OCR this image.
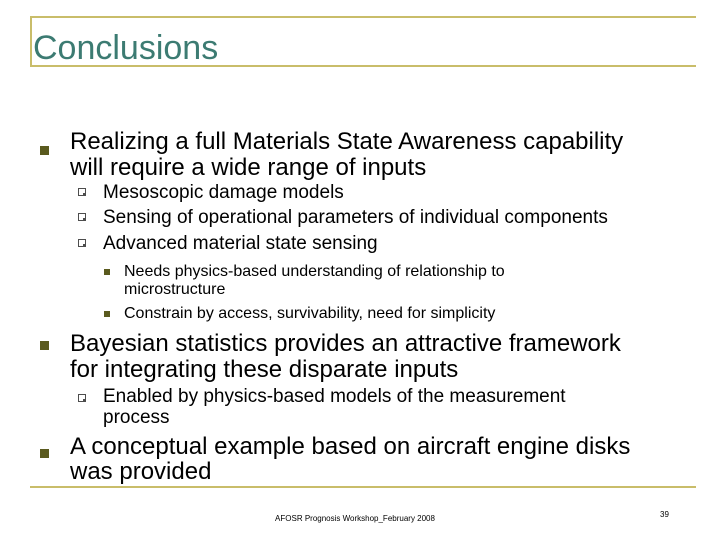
Conclusions
Realizing a full Materials State Awareness capability
will require a wide range of inputs
Mesoscopic damage models
Sensing of operational parameters of individual components
Advanced material state sensing
Needs physics-based understanding of relationship to
microstructure
Constrain by access, survivability, need for simplicity
Bayesian statistics provides an attractive framework
for integrating these disparate inputs
Enabled by physics-based models of the measurement
process
A conceptual example based on aircraft engine disks
was provided
AFOSR Prognosis Workshop_February 2008	39
